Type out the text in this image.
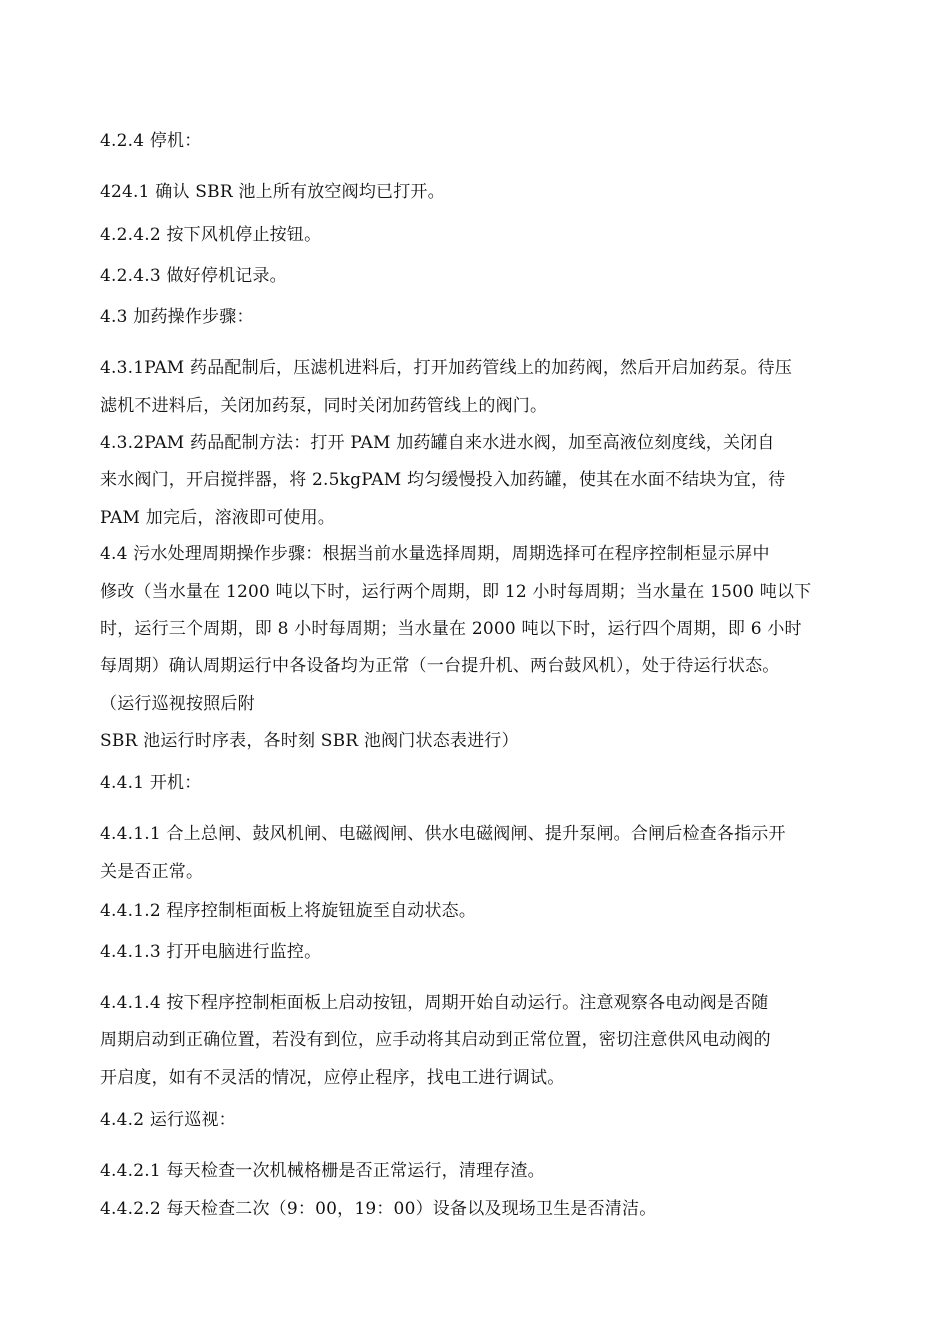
4.2.4 停机：
424.1 确认 SBR 池上所有放空阀均已打开。
4.2.4.2 按下风机停止按钮。
4.2.4.3 做好停机记录。
4.3 加药操作步骤：
4.3.1PAM 药品配制后，压滤机进料后，打开加药管线上的加药阀，然后开启加药泵。待压
滤机不进料后，关闭加药泵，同时关闭加药管线上的阀门。
4.3.2PAM 药品配制方法：打开 PAM 加药罐自来水进水阀，加至高液位刻度线，关闭自
来水阀门，开启搅拌器，将 2.5kgPAM 均匀缓慢投入加药罐，使其在水面不结块为宜，待
PAM 加完后，溶液即可使用。
4.4 污水处理周期操作步骤：根据当前水量选择周期，周期选择可在程序控制柜显示屏中
修改（当水量在 1200 吨以下时，运行两个周期，即 12 小时每周期；当水量在 1500 吨以下
时，运行三个周期，即 8 小时每周期；当水量在 2000 吨以下时，运行四个周期，即 6 小时
每周期）确认周期运行中各设备均为正常（一台提升机、两台鼓风机），处于待运行状态。
（运行巡视按照后附
SBR 池运行时序表，各时刻 SBR 池阀门状态表进行）
4.4.1 开机：
4.4.1.1 合上总闸、鼓风机闸、电磁阀闸、供水电磁阀闸、提升泵闸。合闸后检查各指示开
关是否正常。
4.4.1.2 程序控制柜面板上将旋钮旋至自动状态。
4.4.1.3 打开电脑进行监控。
4.4.1.4 按下程序控制柜面板上启动按钮，周期开始自动运行。注意观察各电动阀是否随
周期启动到正确位置，若没有到位，应手动将其启动到正常位置，密切注意供风电动阀的
开启度，如有不灵活的情况，应停止程序，找电工进行调试。
4.4.2 运行巡视：
4.4.2.1 每天检查一次机械格栅是否正常运行，清理存渣。
4.4.2.2 每天检查二次（9：00，19：00）设备以及现场卫生是否清洁。
